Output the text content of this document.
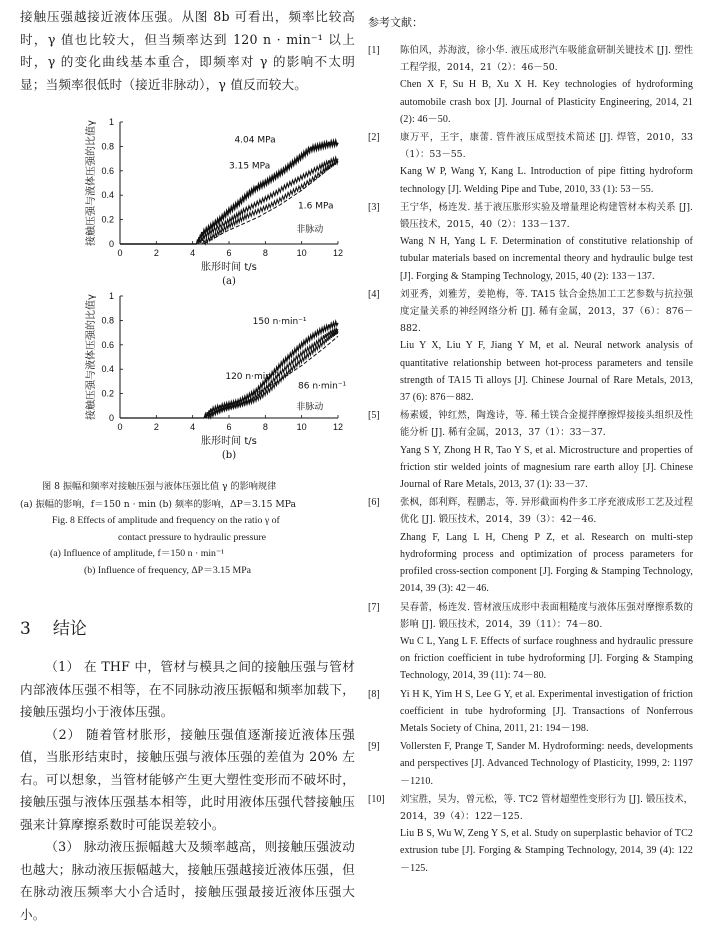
接触压强越接近液体压强。从图 8b 可看出，频率比较高时，γ 值也比较大，但当频率达到 120 n · min⁻¹ 以上时，γ 的变化曲线基本重合，即频率对 γ 的影响不太明显；当频率很低时（接近非脉动），γ 值反而较大。

0	2	4	6	8	10	12
0
0.2
0.4
0.6
0.8
1
胀形时间 t/s
接触压强与液体压强的比值γ
(a)
4.04 MPa
3.15 MPa
1.6 MPa
非脉动
0	2	4	6	8	10	12
0
0.2
0.4
0.6
0.8
1
胀形时间 t/s
接触压强与液体压强的比值γ
(b)
150 n·min⁻¹
120 n·min⁻¹
86 n·min⁻¹
非脉动
图 8 振幅和频率对接触压强与液体压强比值 γ 的影响规律
(a) 振幅的影响，f＝150 n · min (b) 频率的影响，ΔP＝3.15 MPa
Fig. 8 Effects of amplitude and frequency on the ratio γ of
contact pressure to hydraulic pressure
(a) Influence of amplitude, f＝150 n · min⁻¹
(b) Influence of frequency, ΔP＝3.15 MPa
3 结论

（1） 在 THF 中，管材与模具之间的接触压强与管材内部液体压强不相等，在不同脉动液压振幅和频率加载下，接触压强均小于液体压强。

（2） 随着管材胀形，接触压强值逐渐接近液体压强值，当胀形结束时，接触压强与液体压强的差值为 20% 左右。可以想象，当管材能够产生更大塑性变形而不破坏时，接触压强与液体压强基本相等，此时用液体压强代替接触压强来计算摩擦系数时可能误差较小。

（3） 脉动液压振幅越大及频率越高，则接触压强波动也越大；脉动液压振幅越大，接触压强越接近液体压强，但在脉动液压频率大小合适时，接触压强最接近液体压强大小。

参考文献：
[1]	陈伯风，苏海波，徐小华. 液压成形汽车吸能盒研制关键技术 [J]. 塑性工程学报，2014，21（2）：46－50.
Chen X F, Su H B, Xu X H. Key technologies of hydroforming automobile crash box [J]. Journal of Plasticity Engineering, 2014, 21 (2): 46－50.
[2]	康万平，王宇，康蕾. 管件液压成型技术简述 [J]. 焊管，2010，33（1）：53－55.
Kang W P, Wang Y, Kang L. Introduction of pipe fitting hydroform technology [J]. Welding Pipe and Tube, 2010, 33 (1): 53－55.
[3]	王宁华，杨连发. 基于液压胀形实验及增量理论构建管材本构关系 [J]. 锻压技术，2015，40（2）：133－137.
Wang N H, Yang L F. Determination of constitutive relationship of tubular materials based on incremental theory and hydraulic bulge test [J]. Forging & Stamping Technology, 2015, 40 (2): 133－137.
[4]	刘亚秀，刘雅芳，姜艳梅，等. TA15 钛合金热加工工艺参数与抗拉强度定量关系的神经网络分析 [J]. 稀有金属，2013，37（6）：876－882.
Liu Y X, Liu Y F, Jiang Y M, et al. Neural network analysis of quantitative relationship between hot-process parameters and tensile strength of TA15 Ti alloys [J]. Chinese Journal of Rare Metals, 2013, 37 (6): 876－882.
[5]	杨素媛，钟红然，陶逸诗，等. 稀土镁合金搅拌摩擦焊接接头组织及性能分析 [J]. 稀有金属，2013，37（1）：33－37.
Yang S Y, Zhong H R, Tao Y S, et al. Microstructure and properties of friction stir welded joints of magnesium rare earth alloy [J]. Chinese Journal of Rare Metals, 2013, 37 (1): 33－37.
[6]	张枫，郎利辉，程鹏志，等. 异形截面构件多工序充液成形工艺及过程优化 [J]. 锻压技术，2014，39（3）：42－46.
Zhang F, Lang L H, Cheng P Z, et al. Research on multi-step hydroforming process and optimization of process parameters for profiled cross-section component [J]. Forging & Stamping Technology, 2014, 39 (3): 42－46.
[7]	吴春蕾，杨连发. 管材液压成形中表面粗糙度与液体压强对摩擦系数的影响 [J]. 锻压技术，2014，39（11）：74－80.
Wu C L, Yang L F. Effects of surface roughness and hydraulic pressure on friction coefficient in tube hydroforming [J]. Forging & Stamping Technology, 2014, 39 (11): 74－80.
[8]	Yi H K, Yim H S, Lee G Y, et al. Experimental investigation of friction coefficient in tube hydroforming [J]. Transactions of Nonferrous Metals Society of China, 2011, 21: 194－198.
[9]	Vollersten F, Prange T, Sander M. Hydroforming: needs, developments and perspectives [J]. Advanced Technology of Plasticity, 1999, 2: 1197－1210.
[10]	刘宝胜，吴为，曾元松，等. TC2 管材超塑性变形行为 [J]. 锻压技术，2014，39（4）：122－125.
Liu B S, Wu W, Zeng Y S, et al. Study on superplastic behavior of TC2 extrusion tube [J]. Forging & Stamping Technology, 2014, 39 (4): 122－125.
